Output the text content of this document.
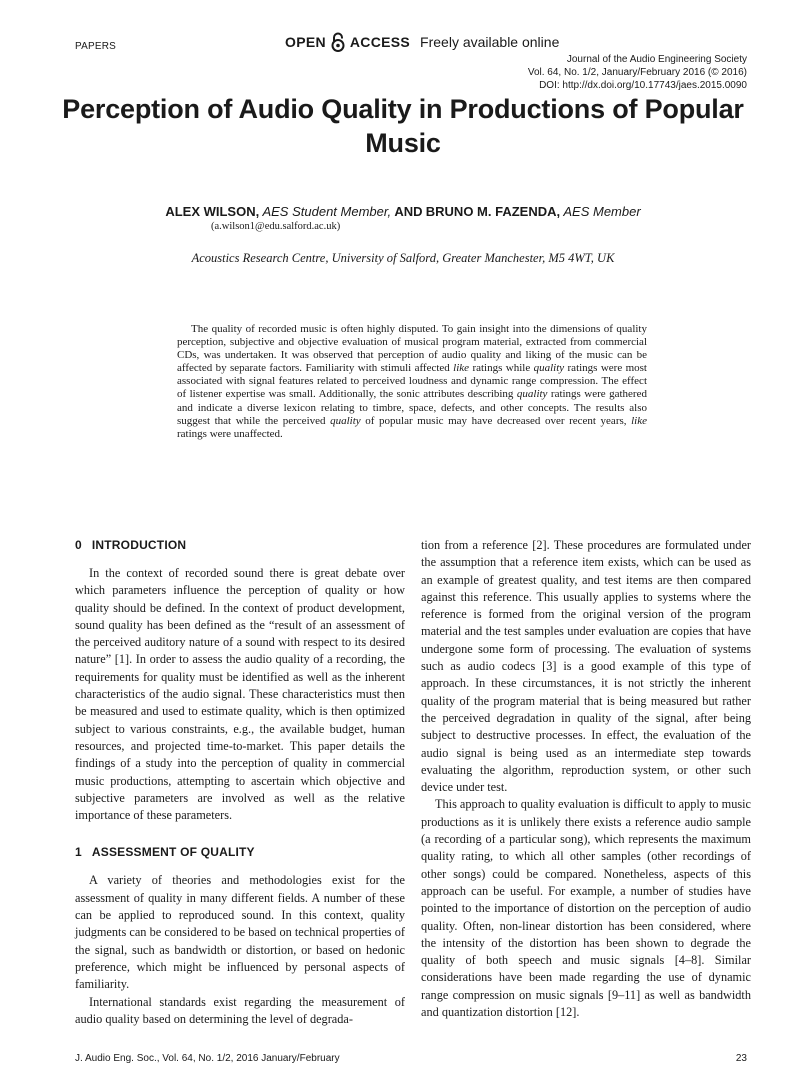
PAPERS	OPEN ACCESS Freely available online
Journal of the Audio Engineering Society
Vol. 64, No. 1/2, January/February 2016 (© 2016)
DOI: http://dx.doi.org/10.17743/jaes.2015.0090
Perception of Audio Quality in Productions of Popular Music
ALEX WILSON, AES Student Member, AND BRUNO M. FAZENDA, AES Member
(a.wilson1@edu.salford.ac.uk)
Acoustics Research Centre, University of Salford, Greater Manchester, M5 4WT, UK

The quality of recorded music is often highly disputed. To gain insight into the dimensions of quality perception, subjective and objective evaluation of musical program material, extracted from commercial CDs, was undertaken. It was observed that perception of audio quality and liking of the music can be affected by separate factors. Familiarity with stimuli affected like ratings while quality ratings were most associated with signal features related to perceived loudness and dynamic range compression. The effect of listener expertise was small. Additionally, the sonic attributes describing quality ratings were gathered and indicate a diverse lexicon relating to timbre, space, defects, and other concepts. The results also suggest that while the perceived quality of popular music may have decreased over recent years, like ratings were unaffected.

0 INTRODUCTION

In the context of recorded sound there is great debate over which parameters influence the perception of quality or how quality should be defined. In the context of product development, sound quality has been defined as the “result of an assessment of the perceived auditory nature of a sound with respect to its desired nature” [1]. In order to assess the audio quality of a recording, the requirements for quality must be identified as well as the inherent characteristics of the audio signal. These characteristics must then be measured and used to estimate quality, which is then optimized subject to various constraints, e.g., the available budget, human resources, and projected time-to-market. This paper details the findings of a study into the perception of quality in commercial music productions, attempting to ascertain which objective and subjective parameters are involved as well as the relative importance of these parameters.

1 ASSESSMENT OF QUALITY

A variety of theories and methodologies exist for the assessment of quality in many different fields. A number of these can be applied to reproduced sound. In this context, quality judgments can be considered to be based on technical properties of the signal, such as bandwidth or distortion, or based on hedonic preference, which might be influenced by personal aspects of familiarity.

International standards exist regarding the measurement of audio quality based on determining the level of degrada-

tion from a reference [2]. These procedures are formulated under the assumption that a reference item exists, which can be used as an example of greatest quality, and test items are then compared against this reference. This usually applies to systems where the reference is formed from the original version of the program material and the test samples under evaluation are copies that have undergone some form of processing. The evaluation of systems such as audio codecs [3] is a good example of this type of approach. In these circumstances, it is not strictly the inherent quality of the program material that is being measured but rather the perceived degradation in quality of the signal, after being subject to destructive processes. In effect, the evaluation of the audio signal is being used as an intermediate step towards evaluating the algorithm, reproduction system, or other such device under test.

This approach to quality evaluation is difficult to apply to music productions as it is unlikely there exists a reference audio sample (a recording of a particular song), which represents the maximum quality rating, to which all other samples (other recordings of other songs) could be compared. Nonetheless, aspects of this approach can be useful. For example, a number of studies have pointed to the importance of distortion on the perception of audio quality. Often, non-linear distortion has been considered, where the intensity of the distortion has been shown to degrade the quality of both speech and music signals [4–8]. Similar considerations have been made regarding the use of dynamic range compression on music signals [9–11] as well as bandwidth and quantization distortion [12].

J. Audio Eng. Soc., Vol. 64, No. 1/2, 2016 January/February	23
